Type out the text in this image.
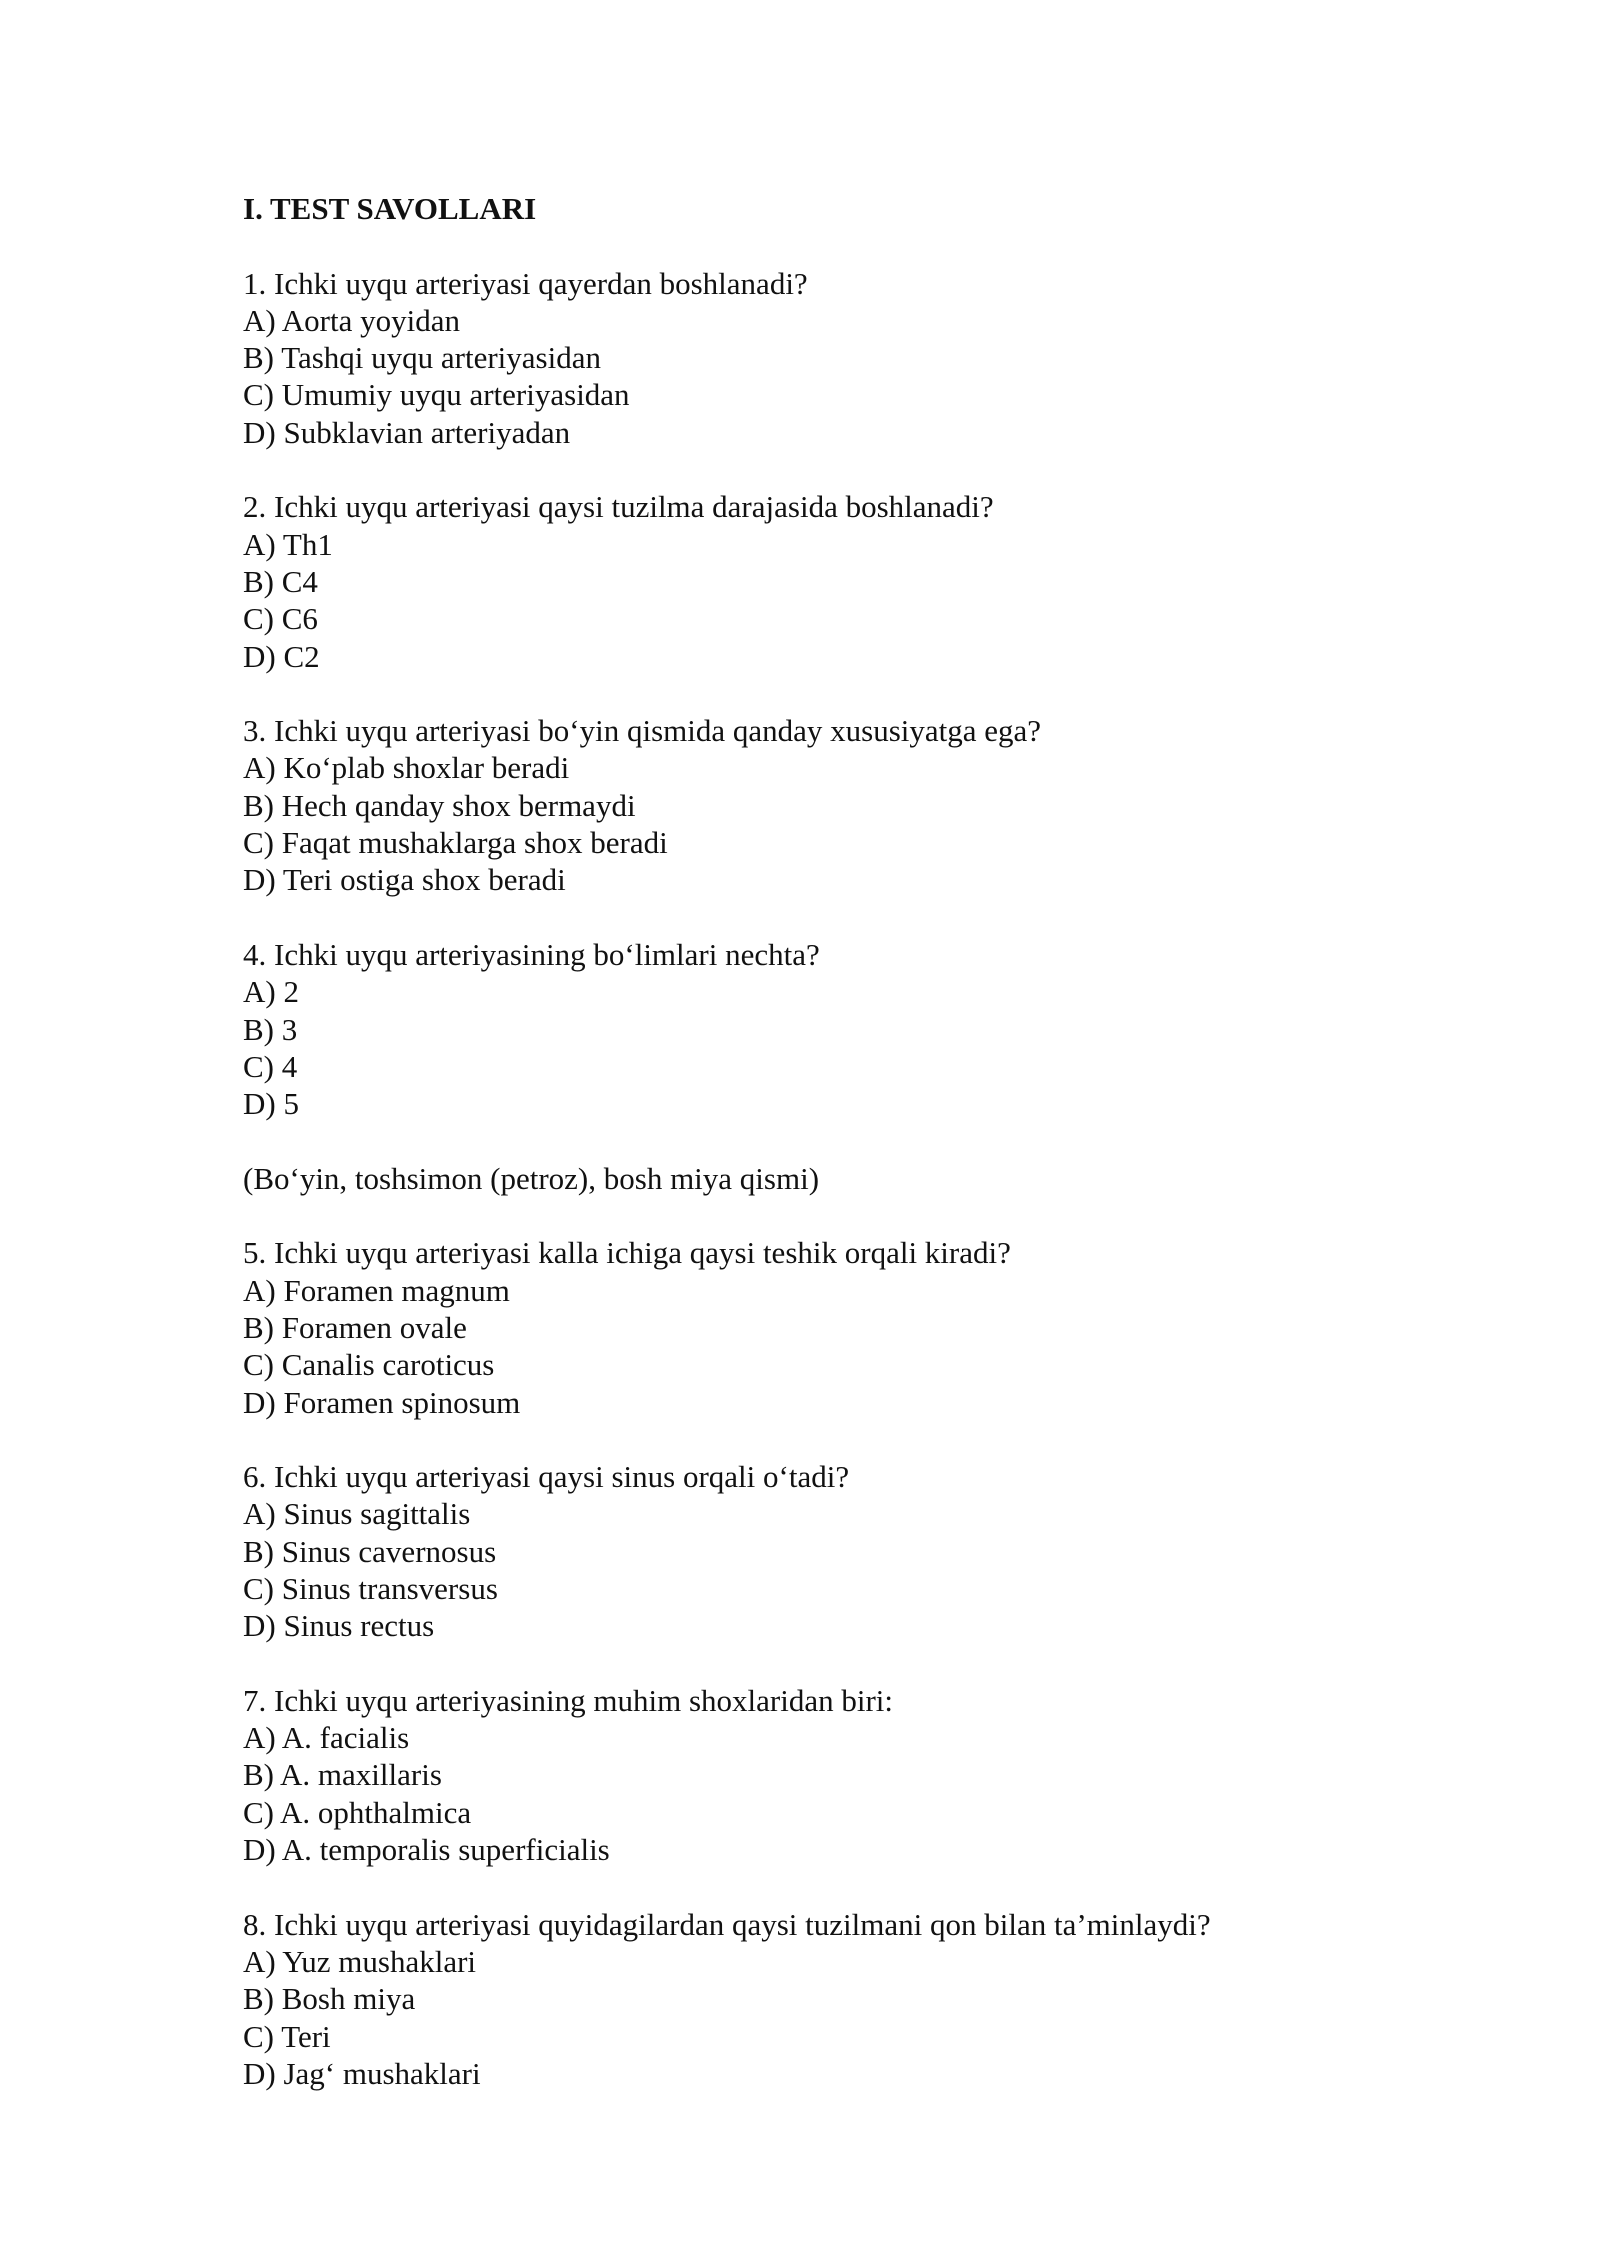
I. TEST SAVOLLARI
1. Ichki uyqu arteriyasi qayerdan boshlanadi?
A) Aorta yoyidan
B) Tashqi uyqu arteriyasidan
C) Umumiy uyqu arteriyasidan
D) Subklavian arteriyadan
2. Ichki uyqu arteriyasi qaysi tuzilma darajasida boshlanadi?
A) Th1
B) C4
C) C6
D) C2
3. Ichki uyqu arteriyasi bo‘yin qismida qanday xususiyatga ega?
A) Ko‘plab shoxlar beradi
B) Hech qanday shox bermaydi
C) Faqat mushaklarga shox beradi
D) Teri ostiga shox beradi
4. Ichki uyqu arteriyasining bo‘limlari nechta?
A) 2
B) 3
C) 4
D) 5
(Bo‘yin, toshsimon (petroz), bosh miya qismi)
5. Ichki uyqu arteriyasi kalla ichiga qaysi teshik orqali kiradi?
A) Foramen magnum
B) Foramen ovale
C) Canalis caroticus
D) Foramen spinosum
6. Ichki uyqu arteriyasi qaysi sinus orqali o‘tadi?
A) Sinus sagittalis
B) Sinus cavernosus
C) Sinus transversus
D) Sinus rectus
7. Ichki uyqu arteriyasining muhim shoxlaridan biri:
A) A. facialis
B) A. maxillaris
C) A. ophthalmica
D) A. temporalis superficialis
8. Ichki uyqu arteriyasi quyidagilardan qaysi tuzilmani qon bilan ta’minlaydi?
A) Yuz mushaklari
B) Bosh miya
C) Teri
D) Jag‘ mushaklari
